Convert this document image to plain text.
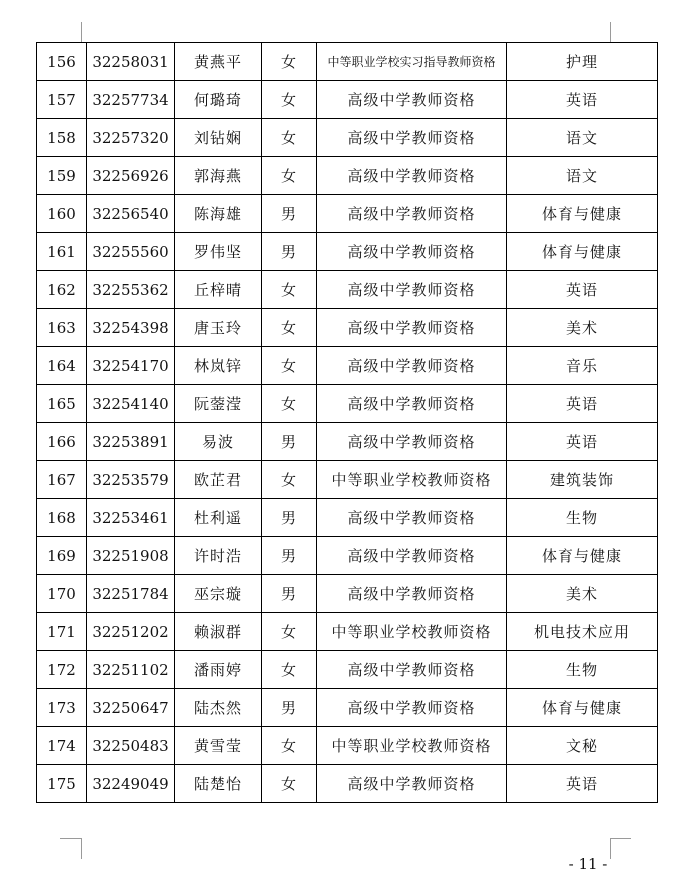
156	32258031	黄燕平	女	中等职业学校实习指导教师资格	护理
157	32257734	何璐琦	女	高级中学教师资格	英语
158	32257320	刘钻娴	女	高级中学教师资格	语文
159	32256926	郭海燕	女	高级中学教师资格	语文
160	32256540	陈海雄	男	高级中学教师资格	体育与健康
161	32255560	罗伟坚	男	高级中学教师资格	体育与健康
162	32255362	丘梓晴	女	高级中学教师资格	英语
163	32254398	唐玉玲	女	高级中学教师资格	美术
164	32254170	林岚锌	女	高级中学教师资格	音乐
165	32254140	阮蓥滢	女	高级中学教师资格	英语
166	32253891	易波	男	高级中学教师资格	英语
167	32253579	欧芷君	女	中等职业学校教师资格	建筑装饰
168	32253461	杜利遥	男	高级中学教师资格	生物
169	32251908	许时浩	男	高级中学教师资格	体育与健康
170	32251784	巫宗璇	男	高级中学教师资格	美术
171	32251202	赖淑群	女	中等职业学校教师资格	机电技术应用
172	32251102	潘雨婷	女	高级中学教师资格	生物
173	32250647	陆杰然	男	高级中学教师资格	体育与健康
174	32250483	黄雪莹	女	中等职业学校教师资格	文秘
175	32249049	陆楚怡	女	高级中学教师资格	英语
- 11 -
